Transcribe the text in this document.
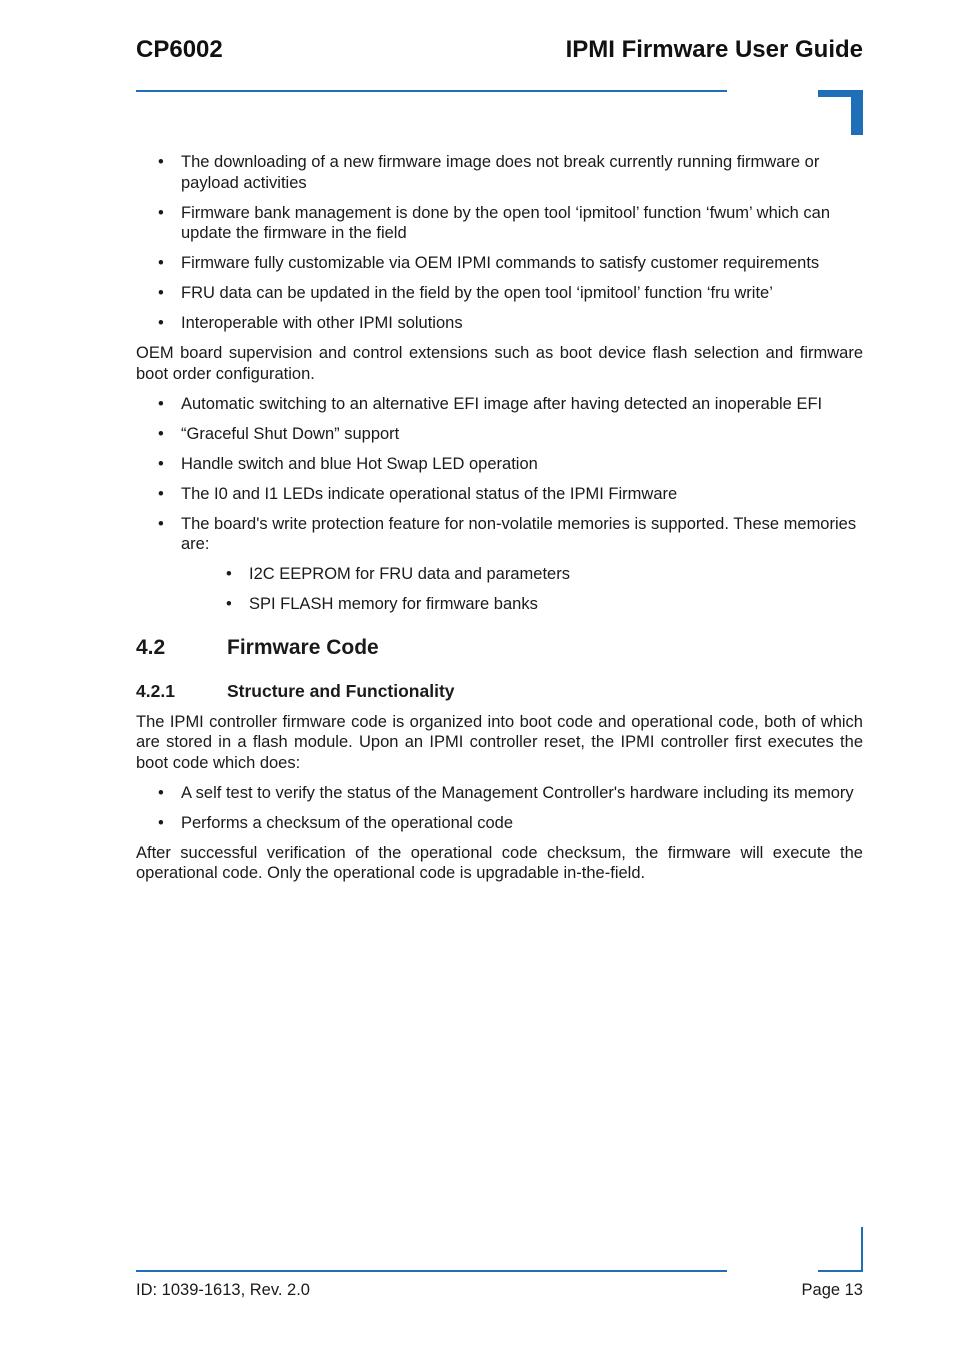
CP6002	IPMI Firmware User Guide
• The downloading of a new firmware image does not break currently running firmware or payload activities
• Firmware bank management is done by the open tool ‘ipmitool’ function ‘fwum’ which can update the firmware in the field
• Firmware fully customizable via OEM IPMI commands to satisfy customer requirements
• FRU data can be updated in the field by the open tool ‘ipmitool’ function ‘fru write’
• Interoperable with other IPMI solutions

OEM board supervision and control extensions such as boot device flash selection and firmware boot order configuration.

• Automatic switching to an alternative EFI image after having detected an inoperable EFI
• “Graceful Shut Down” support
• Handle switch and blue Hot Swap LED operation
• The I0 and I1 LEDs indicate operational status of the IPMI Firmware
• The board's write protection feature for non-volatile memories is supported. These memories are:
• I2C EEPROM for FRU data and parameters
• SPI FLASH memory for firmware banks
4.2	Firmware Code
4.2.1	Structure and Functionality

The IPMI controller firmware code is organized into boot code and operational code, both of which are stored in a flash module. Upon an IPMI controller reset, the IPMI controller first executes the boot code which does:

• A self test to verify the status of the Management Controller's hardware including its memory
• Performs a checksum of the operational code

After successful verification of the operational code checksum, the firmware will execute the operational code. Only the operational code is upgradable in-the-field.

ID: 1039-1613, Rev. 2.0	Page 13
